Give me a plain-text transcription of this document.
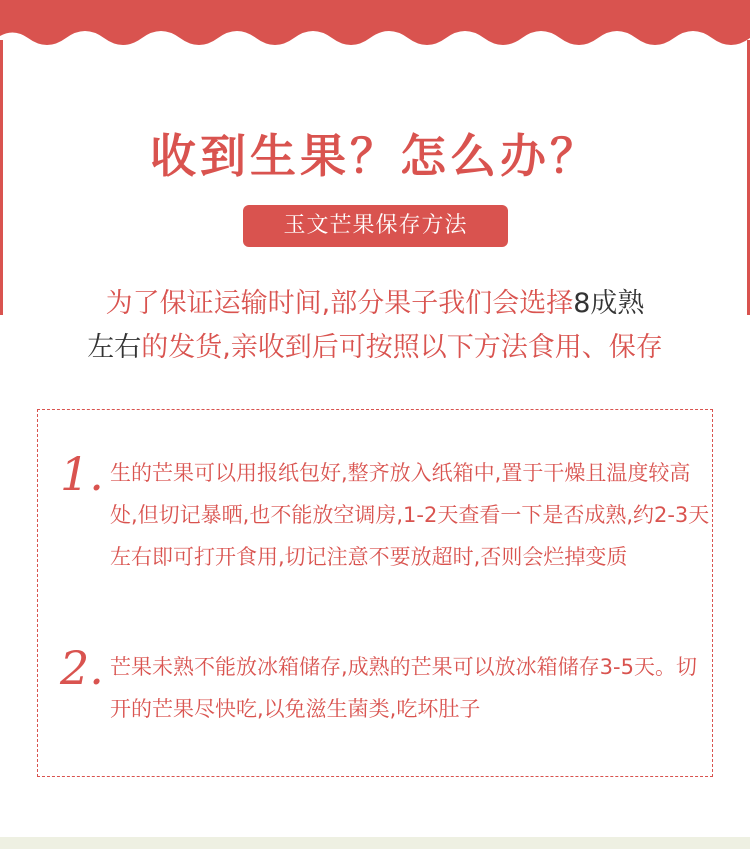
收到生果？怎么办？
玉文芒果保存方法
为了保证运输时间,部分果子我们会选择8成熟
左右的发货,亲收到后可按照以下方法食用、保存
1. 生的芒果可以用报纸包好,整齐放入纸箱中,置于干燥且温度较高处,但切记暴晒,也不能放空调房,1-2天查看一下是否成熟,约2-3天左右即可打开食用,切记注意不要放超时,否则会烂掉变质
2. 芒果未熟不能放冰箱储存,成熟的芒果可以放冰箱储存3-5天。切开的芒果尽快吃,以免滋生菌类,吃坏肚子
